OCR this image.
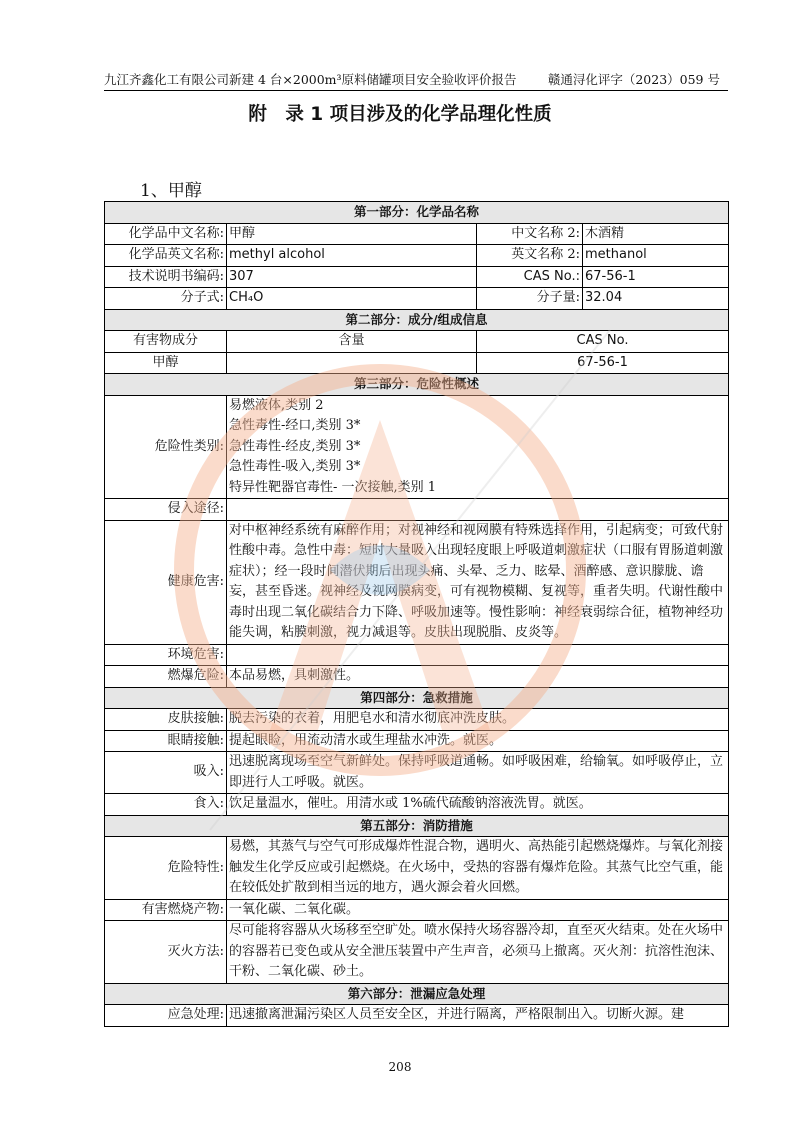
九江齐鑫化工有限公司新建 4 台×2000m³原料储罐项目安全验收评价报告	赣通浔化评字（2023）059 号
附　录 1 项目涉及的化学品理化性质
1、甲醇
第一部分：化学品名称			
化学品中文名称:	甲醇	中文名称 2:	木酒精
化学品英文名称:	methyl alcohol	英文名称 2:	methanol
技术说明书编码:	307	CAS No.:	67-56-1
分子式:	CH₄O	分子量:	32.04
第二部分：成分/组成信息			
有害物成分	含量	CAS No.	
甲醇		67-56-1	
第三部分：危险性概述			
危险性类别:	易燃液体,类别 2
急性毒性-经口,类别 3*
急性毒性-经皮,类别 3*
急性毒性-吸入,类别 3*
特异性靶器官毒性- 一次接触,类别 1		

侵入途径:			
健康危害:	对中枢神经系统有麻醉作用；对视神经和视网膜有特殊选择作用，引起病变；可致代射性酸中毒。急性中毒：短时大量吸入出现轻度眼上呼吸道刺激症状（口服有胃肠道刺激症状）；经一段时间潜伏期后出现头痛、头晕、乏力、眩晕、酒醉感、意识朦胧、谵妄，甚至昏迷。视神经及视网膜病变，可有视物模糊、复视等，重者失明。代谢性酸中毒时出现二氧化碳结合力下降、呼吸加速等。慢性影响：神经衰弱综合征，植物神经功能失调，粘膜刺激，视力减退等。皮肤出现脱脂、皮炎等。		
环境危害:			
燃爆危险:	本品易燃，具刺激性。		
第四部分：急救措施			
皮肤接触:	脱去污染的衣着，用肥皂水和清水彻底冲洗皮肤。		
眼睛接触:	提起眼睑，用流动清水或生理盐水冲洗。就医。		
吸入:	迅速脱离现场至空气新鲜处。保持呼吸道通畅。如呼吸困难，给输氧。如呼吸停止，立即进行人工呼吸。就医。		
食入:	饮足量温水，催吐。用清水或 1%硫代硫酸钠溶液洗胃。就医。		
第五部分：消防措施			
危险特性:	易燃，其蒸气与空气可形成爆炸性混合物，遇明火、高热能引起燃烧爆炸。与氧化剂接触发生化学反应或引起燃烧。在火场中，受热的容器有爆炸危险。其蒸气比空气重，能在较低处扩散到相当远的地方，遇火源会着火回燃。		
有害燃烧产物:	一氧化碳、二氧化碳。		
灭火方法:	尽可能将容器从火场移至空旷处。喷水保持火场容器冷却，直至灭火结束。处在火场中的容器若已变色或从安全泄压装置中产生声音，必须马上撤离。灭火剂：抗溶性泡沫、干粉、二氧化碳、砂土。		
第六部分：泄漏应急处理			
应急处理:	迅速撤离泄漏污染区人员至安全区，并进行隔离，严格限制出入。切断火源。建		
208
